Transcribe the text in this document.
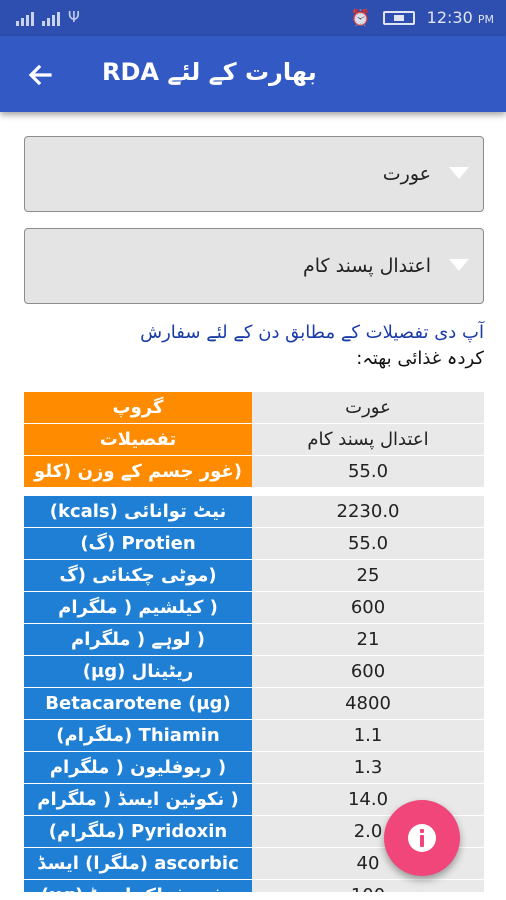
Ψ	⏰	12:30 PM
بھارت کے لئے RDA
عورت
اعتدال پسند کام
آپ دی تفصیلات کے مطابق دن کے لئے سفارش
کردہ غذائی بھتہ:
گروپ	عورت
تفصیلات	اعتدال پسند کام
(غور جسم کے وزن (کلو	55.0
نیٹ توانائی (kcals)	2230.0
Protien (گ)	55.0
(موٹی چکنائی (گ	25
( کیلشیم ( ملگرام	600
( لوہے ( ملگرام	21
ریٹینال (µg)	600
Betacarotene (µg)	4800
Thiamin (ملگرام)	1.1
( ربوفلیون ( ملگرام	1.3
( نکوٹین ایسڈ ( ملگرام	14.0
Pyridoxin (ملگرام)	2.0
ascorbic (ملگرا) ایسڈ	40
